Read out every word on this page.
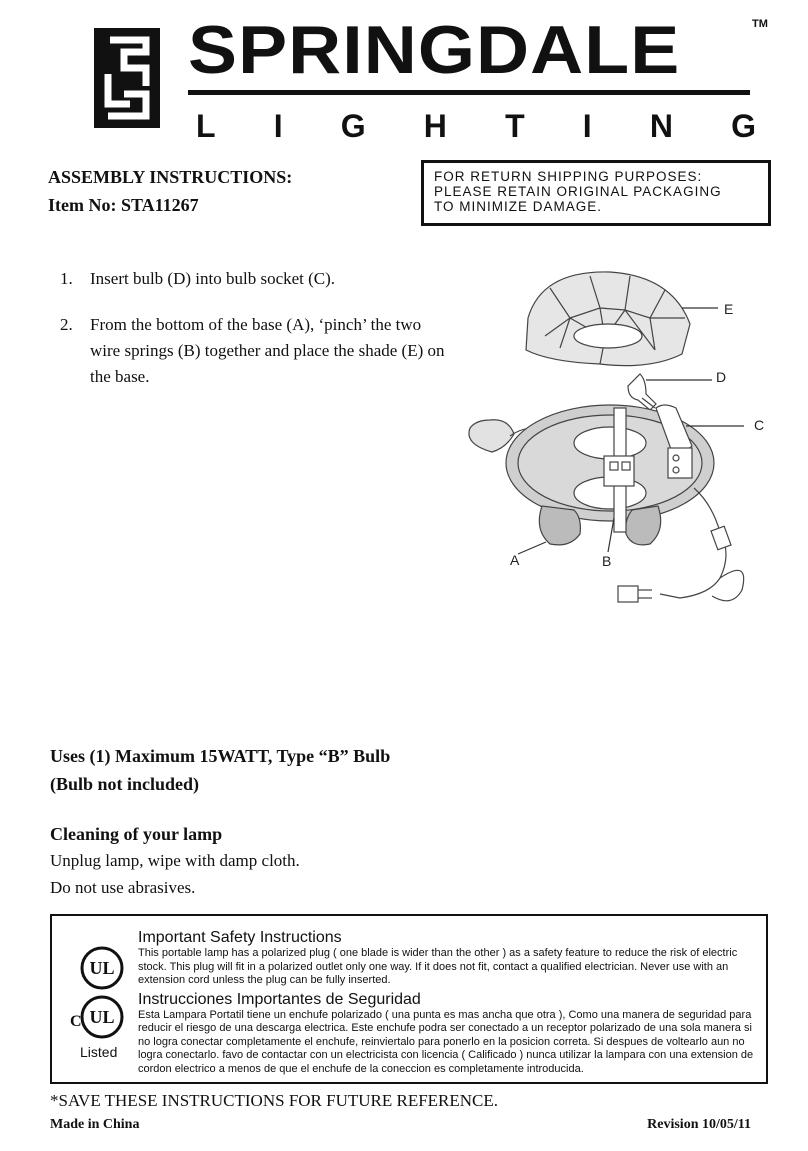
SPRINGDALE	TM
L I G H T I N G
ASSEMBLY INSTRUCTIONS:
Item No: STA11267
FOR RETURN SHIPPING PURPOSES:
PLEASE RETAIN ORIGINAL PACKAGING
TO MINIMIZE DAMAGE.
1.	Insert bulb (D) into bulb socket (C).
2.	From the bottom of the base (A), ‘pinch’ the two wire springs (B) together and place the shade (E) on the base.
E
D
C
A	B
Uses (1) Maximum 15WATT, Type “B” Bulb
(Bulb not included)
Cleaning of your lamp
Unplug lamp, wipe with damp cloth.
Do not use abrasives.
UL
C UL
Listed
Important Safety Instructions
This portable lamp has a polarized plug ( one blade is wider than the other ) as a safety feature to reduce the risk of electric stock. This plug will fit in a polarized outlet only one way. If it does not fit, contact a qualified electrician. Never use with an extension cord unless the plug can be fully inserted.
Instrucciones Importantes de Seguridad
Esta Lampara Portatil tiene un enchufe polarizado ( una punta es mas ancha que otra ), Como una manera de seguridad para reducir el riesgo de una descarga electrica. Este enchufe podra ser conectado a un receptor polarizado de una sola manera si no logra conectar completamente el enchufe, reinviertalo para ponerlo en la posicion correta. Si despues de voltearlo aun no logra conectarlo. favo de contactar con un electricista con licencia ( Calificado ) nunca utilizar la lampara con una extension de cordon electrico a menos de que el enchufe de la coneccion es completamente introducida.
*SAVE THESE INSTRUCTIONS FOR FUTURE REFERENCE.
Made in China	Revision 10/05/11
